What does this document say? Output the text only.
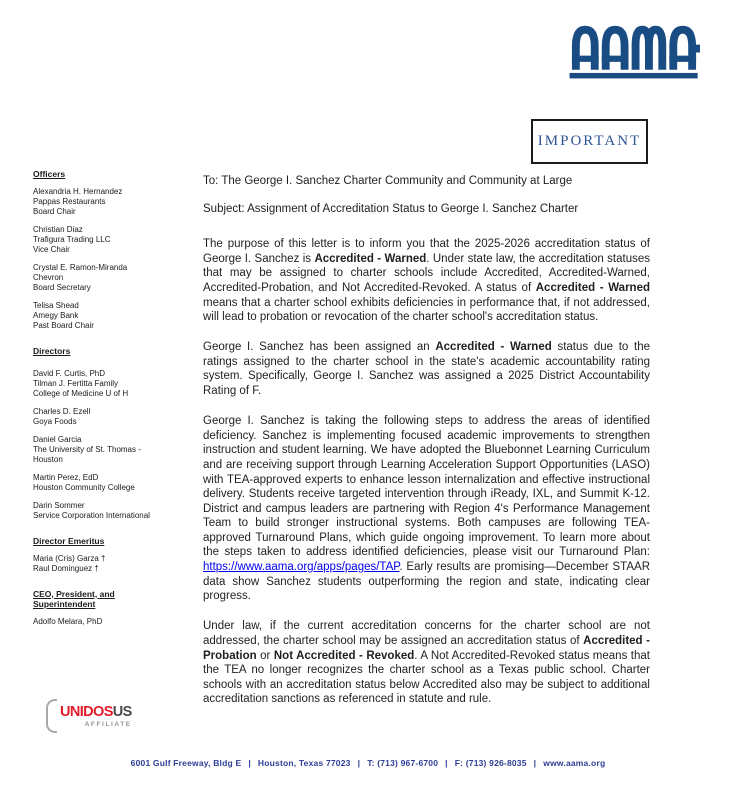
IMPORTANT
Officers
Alexandria H. Hernandez
Pappas Restaurants
Board Chair
Christian Diaz
Trafigura Trading LLC
Vice Chair
Crystal E. Ramon-Miranda
Chevron
Board Secretary
Telisa Shead
Amegy Bank
Past Board Chair
Directors
David F. Curtis, PhD
Tilman J. Fertitta Family
College of Medicine U of H
Charles D. Ezell
Goya Foods
Daniel Garcia
The University of St. Thomas -
Houston
Martin Perez, EdD
Houston Community College
Darin Sommer
Service Corporation International
Director Emeritus
Maria (Cris) Garza †
Raul Dominguez †
CEO, President, and Superintendent
Adolfo Melara, PhD

To: The George I. Sanchez Charter Community and Community at Large

Subject: Assignment of Accreditation Status to George I. Sanchez Charter

The purpose of this letter is to inform you that the 2025-2026 accreditation status of George I. Sanchez is Accredited - Warned. Under state law, the accreditation statuses that may be assigned to charter schools include Accredited, Accredited-Warned, Accredited-Probation, and Not Accredited-Revoked. A status of Accredited - Warned means that a charter school exhibits deficiencies in performance that, if not addressed, will lead to probation or revocation of the charter school's accreditation status.

George I. Sanchez has been assigned an Accredited - Warned status due to the ratings assigned to the charter school in the state's academic accountability rating system. Specifically, George I. Sanchez was assigned a 2025 District Accountability Rating of F.

George I. Sanchez is taking the following steps to address the areas of identified deficiency. Sanchez is implementing focused academic improvements to strengthen instruction and student learning. We have adopted the Bluebonnet Learning Curriculum and are receiving support through Learning Acceleration Support Opportunities (LASO) with TEA-approved experts to enhance lesson internalization and effective instructional delivery. Students receive targeted intervention through iReady, IXL, and Summit K-12. District and campus leaders are partnering with Region 4's Performance Management Team to build stronger instructional systems. Both campuses are following TEA-approved Turnaround Plans, which guide ongoing improvement. To learn more about the steps taken to address identified deficiencies, please visit our Turnaround Plan: https://www.aama.org/apps/pages/TAP. Early results are promising—December STAAR data show Sanchez students outperforming the region and state, indicating clear progress.

Under law, if the current accreditation concerns for the charter school are not addressed, the charter school may be assigned an accreditation status of Accredited - Probation or Not Accredited - Revoked. A Not Accredited-Revoked status means that the TEA no longer recognizes the charter school as a Texas public school. Charter schools with an accreditation status below Accredited also may be subject to additional accreditation sanctions as referenced in statute and rule.

UNIDOSUS
AFFILIATE
6001 Gulf Freeway, Bldg E | Houston, Texas 77023 | T: (713) 967-6700 | F: (713) 926-8035 | www.aama.org
